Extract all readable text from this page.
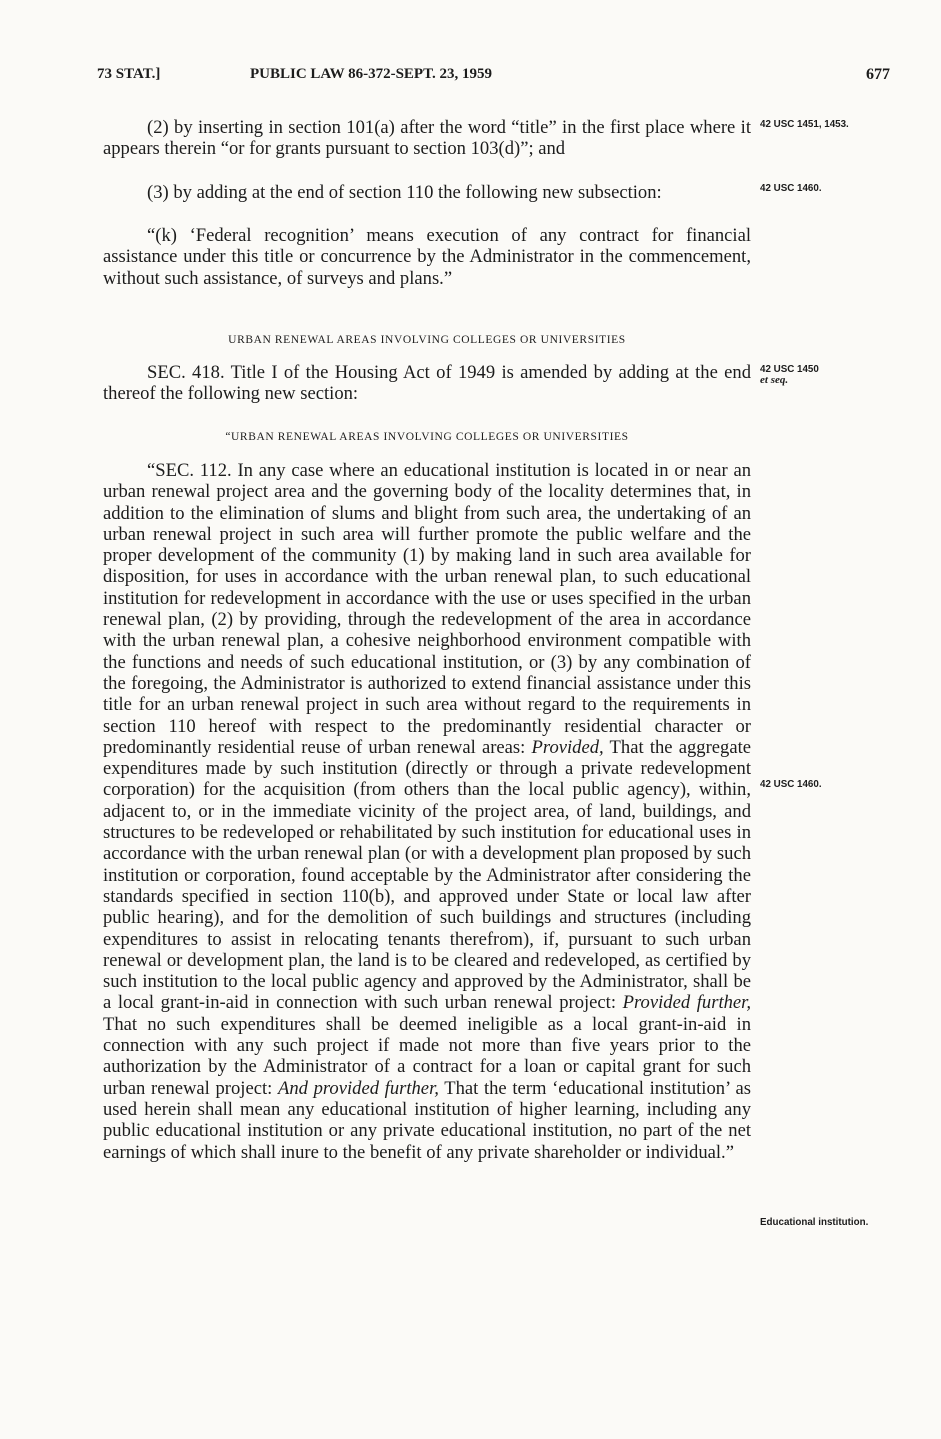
73 STAT.]	PUBLIC LAW 86-372-SEPT. 23, 1959	677

(2) by inserting in section 101(a) after the word “title” in the first place where it appears therein “or for grants pursuant to section 103(d)”; and

(3) by adding at the end of section 110 the following new subsection:

“(k) ‘Federal recognition’ means execution of any contract for financial assistance under this title or concurrence by the Administrator in the commencement, without such assistance, of surveys and plans.”

URBAN RENEWAL AREAS INVOLVING COLLEGES OR UNIVERSITIES

SEC. 418. Title I of the Housing Act of 1949 is amended by adding at the end thereof the following new section:

“URBAN RENEWAL AREAS INVOLVING COLLEGES OR UNIVERSITIES

“SEC. 112. In any case where an educational institution is located in or near an urban renewal project area and the governing body of the locality determines that, in addition to the elimination of slums and blight from such area, the undertaking of an urban renewal project in such area will further promote the public welfare and the proper development of the community (1) by making land in such area available for disposition, for uses in accordance with the urban renewal plan, to such educational institution for redevelopment in accordance with the use or uses specified in the urban renewal plan, (2) by providing, through the redevelopment of the area in accordance with the urban renewal plan, a cohesive neighborhood environment compatible with the functions and needs of such educational institution, or (3) by any combination of the foregoing, the Administrator is authorized to extend financial assistance under this title for an urban renewal project in such area without regard to the requirements in section 110 hereof with respect to the predominantly residential character or predominantly residential reuse of urban renewal areas: Provided, That the aggregate expenditures made by such institution (directly or through a private redevelopment corporation) for the acquisition (from others than the local public agency), within, adjacent to, or in the immediate vicinity of the project area, of land, buildings, and structures to be redeveloped or rehabilitated by such institution for educational uses in accordance with the urban renewal plan (or with a development plan proposed by such institution or corporation, found acceptable by the Administrator after considering the standards specified in section 110(b), and approved under State or local law after public hearing), and for the demolition of such buildings and structures (including expenditures to assist in relocating tenants therefrom), if, pursuant to such urban renewal or development plan, the land is to be cleared and redeveloped, as certified by such institution to the local public agency and approved by the Administrator, shall be a local grant-in-aid in connection with such urban renewal project: Provided further, That no such expenditures shall be deemed ineligible as a local grant-in-aid in connection with any such project if made not more than five years prior to the authorization by the Administrator of a contract for a loan or capital grant for such urban renewal project: And provided further, That the term ‘educational institution’ as used herein shall mean any educational institution of higher learning, including any public educational institution or any private educational institution, no part of the net earnings of which shall inure to the benefit of any private shareholder or individual.”

42 USC 1451, 1453.
42 USC 1460.
42 USC 1450
et seq.
42 USC 1460.
Educational institution.
